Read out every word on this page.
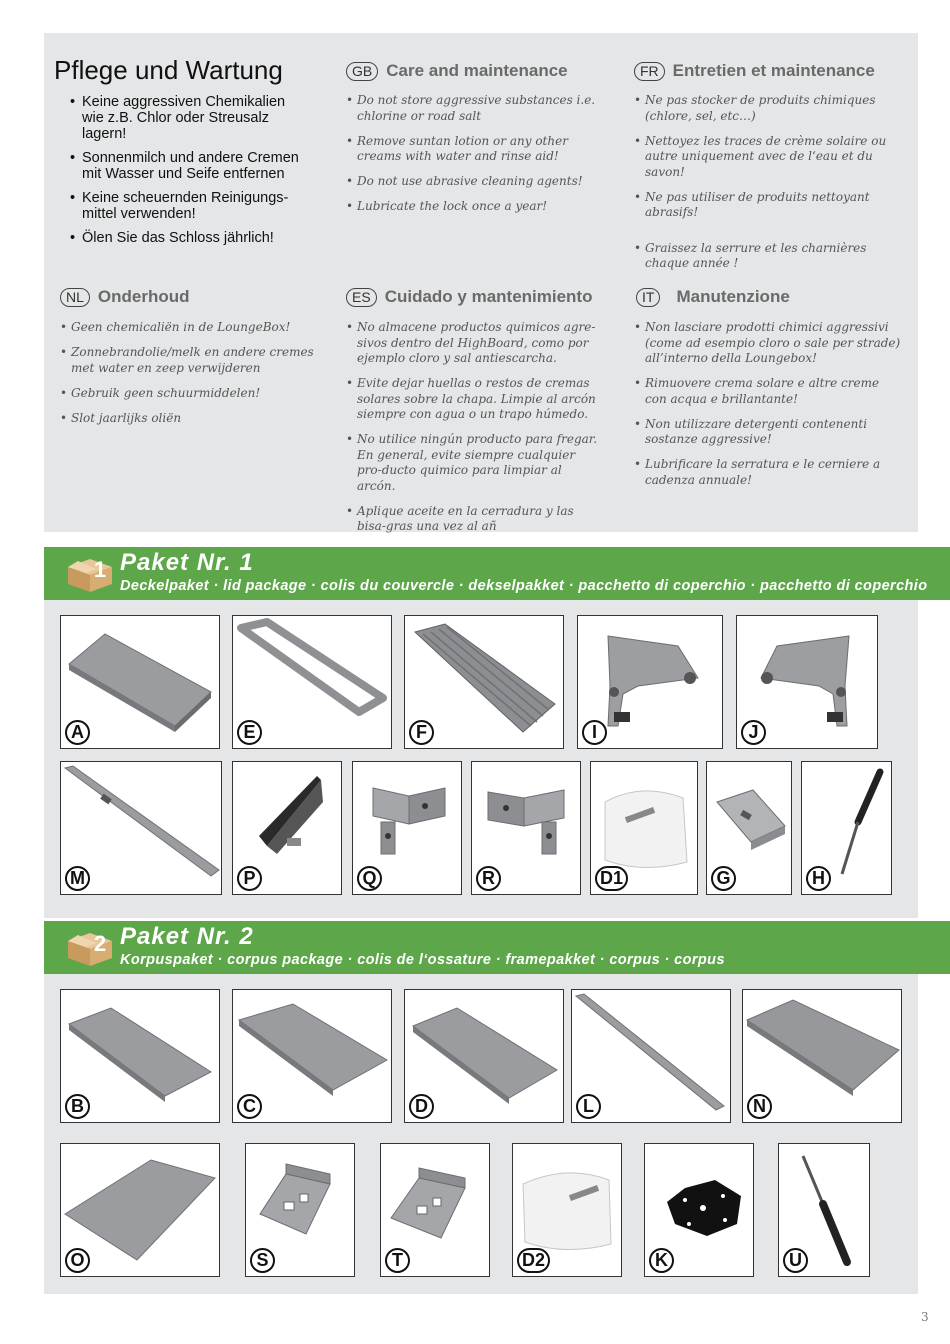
Pflege und Wartung
• Keine aggressiven Chemikalien wie z.B. Chlor oder Streusalz lagern!
• Sonnenmilch und andere Cremen mit Wasser und Seife entfernen
• Keine scheuernden Reinigungs-mittel verwenden!
• Ölen Sie das Schloss jährlich!
GB Care and maintenance
• Do not store aggressive substances i.e. chlorine or road salt
• Remove suntan lotion or any other creams with water and rinse aid!
• Do not use abrasive cleaning agents!
• Lubricate the lock once a year!
FR Entretien et maintenance
• Ne pas stocker de produits chimiques (chlore, sel, etc…)
• Nettoyez les traces de crème solaire ou autre uniquement avec de l‘eau et du savon!
• Ne pas utiliser de produits nettoyant abrasifs!
• Graissez la serrure et les charnières chaque année !
NL Onderhoud
• Geen chemicaliën in de LoungeBox!
• Zonnebrandolie/melk en andere cremes met water en zeep verwijderen
• Gebruik geen schuurmiddelen!
• Slot jaarlijks oliën
ES Cuidado y mantenimiento
• No almacene productos quimicos agre-sivos dentro del HighBoard, como por ejemplo cloro y sal antiescarcha.
• Evite dejar huellas o restos de cremas solares sobre la chapa. Limpie al arcón siempre con agua o un trapo húmedo.
• No utilice ningún producto para fregar. En general, evite siempre cualquier pro-ducto quimico para limpiar al arcón.
• Aplique aceite en la cerradura y las bisa-gras una vez al añ
IT	Manutenzione
• Non lasciare prodotti chimici aggressivi (come ad esempio cloro o sale per strade) all’interno della Loungebox!
• Rimuovere crema solare e altre creme con acqua e brillantante!
• Non utilizzare detergenti contenenti sostanze aggressive!
• Lubrificare la serratura e le cerniere a cadenza annuale!
1 Paket Nr. 1
Deckelpaket · lid package · colis du couvercle · dekselpakket · pacchetto di coperchio · pacchetto di coperchio
A	E	F	I	J
M	P	Q	R	D1	G	H
2 Paket Nr. 2
Korpuspaket · corpus package · colis de l‘ossature · framepakket · corpus · corpus
B	C	D	L	N
O	S	T	D2	K	U
3
